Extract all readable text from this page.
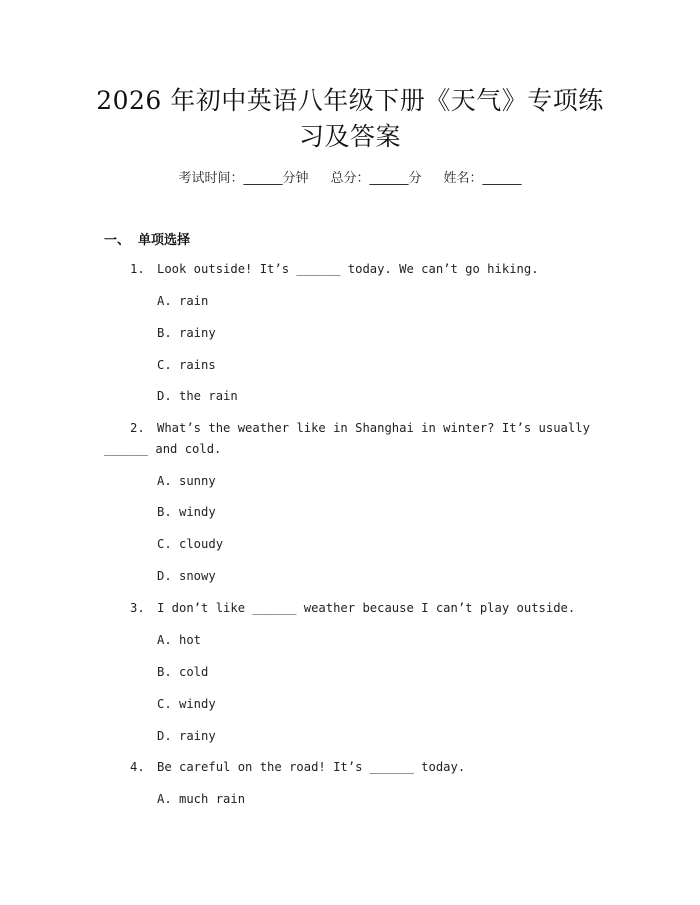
2026 年初中英语八年级下册《天气》专项练
习及答案
考试时间：______分钟 总分：______分 姓名：______
一、 单项选择
1. Look outside! It’s ______ today. We can’t go hiking.
A. rain
B. rainy
C. rains
D. the rain
2. What’s the weather like in Shanghai in winter? It’s usually
______ and cold.
A. sunny
B. windy
C. cloudy
D. snowy
3. I don’t like ______ weather because I can’t play outside.
A. hot
B. cold
C. windy
D. rainy
4. Be careful on the road! It’s ______ today.
A. much rain
